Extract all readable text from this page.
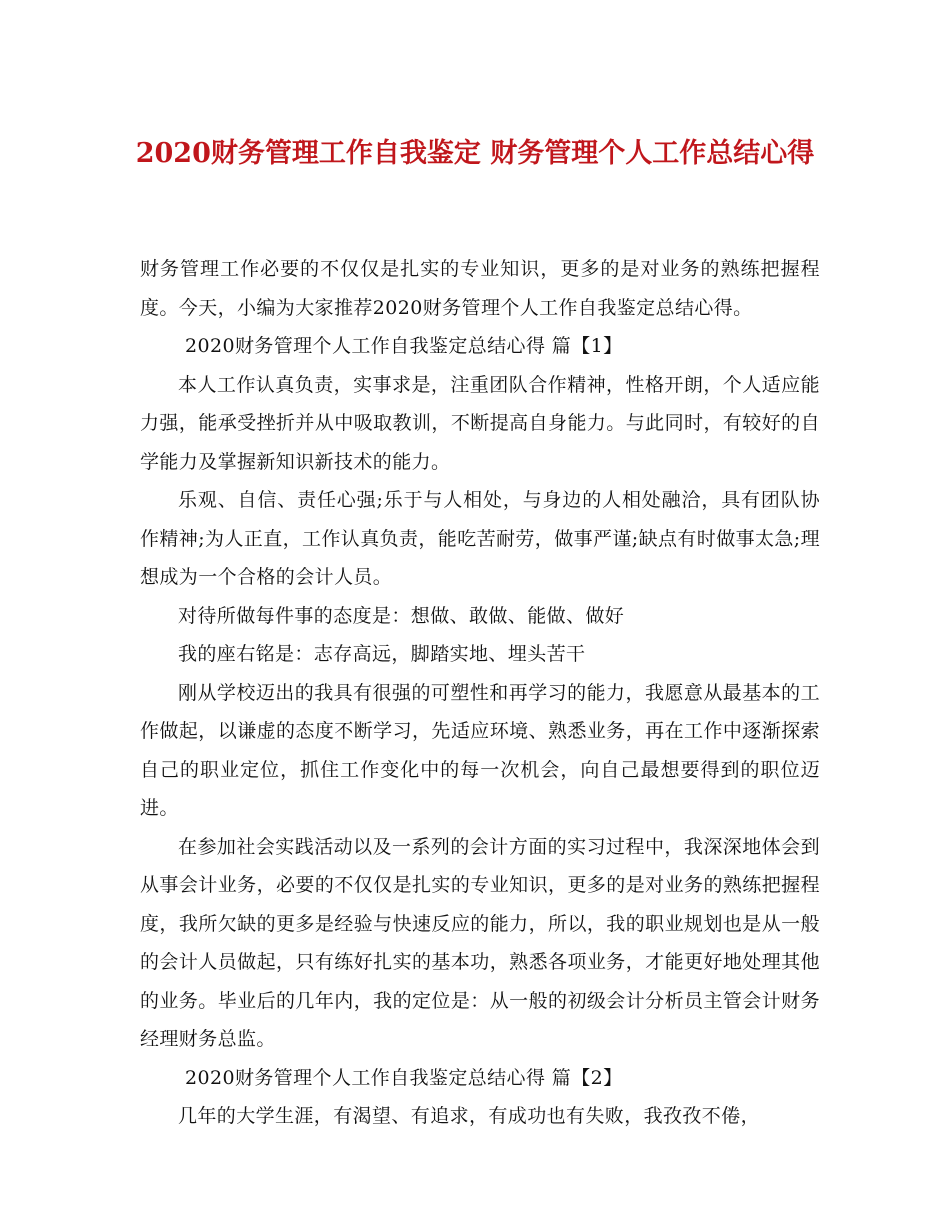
2020财务管理工作自我鉴定 财务管理个人工作总结心得

财务管理工作必要的不仅仅是扎实的专业知识，更多的是对业务的熟练把握程度。今天，小编为大家推荐2020财务管理个人工作自我鉴定总结心得。

2020财务管理个人工作自我鉴定总结心得 篇【1】

本人工作认真负责，实事求是，注重团队合作精神，性格开朗，个人适应能力强，能承受挫折并从中吸取教训，不断提高自身能力。与此同时，有较好的自学能力及掌握新知识新技术的能力。

乐观、自信、责任心强;乐于与人相处，与身边的人相处融洽，具有团队协作精神;为人正直，工作认真负责，能吃苦耐劳，做事严谨;缺点有时做事太急;理想成为一个合格的会计人员。

对待所做每件事的态度是：想做、敢做、能做、做好

我的座右铭是：志存高远，脚踏实地、埋头苦干

刚从学校迈出的我具有很强的可塑性和再学习的能力，我愿意从最基本的工作做起，以谦虚的态度不断学习，先适应环境、熟悉业务，再在工作中逐渐探索自己的职业定位，抓住工作变化中的每一次机会，向自己最想要得到的职位迈进。

在参加社会实践活动以及一系列的会计方面的实习过程中，我深深地体会到从事会计业务，必要的不仅仅是扎实的专业知识，更多的是对业务的熟练把握程度，我所欠缺的更多是经验与快速反应的能力，所以，我的职业规划也是从一般的会计人员做起，只有练好扎实的基本功，熟悉各项业务，才能更好地处理其他的业务。毕业后的几年内，我的定位是：从一般的初级会计分析员主管会计财务经理财务总监。

2020财务管理个人工作自我鉴定总结心得 篇【2】

几年的大学生涯，有渴望、有追求，有成功也有失败，我孜孜不倦，
